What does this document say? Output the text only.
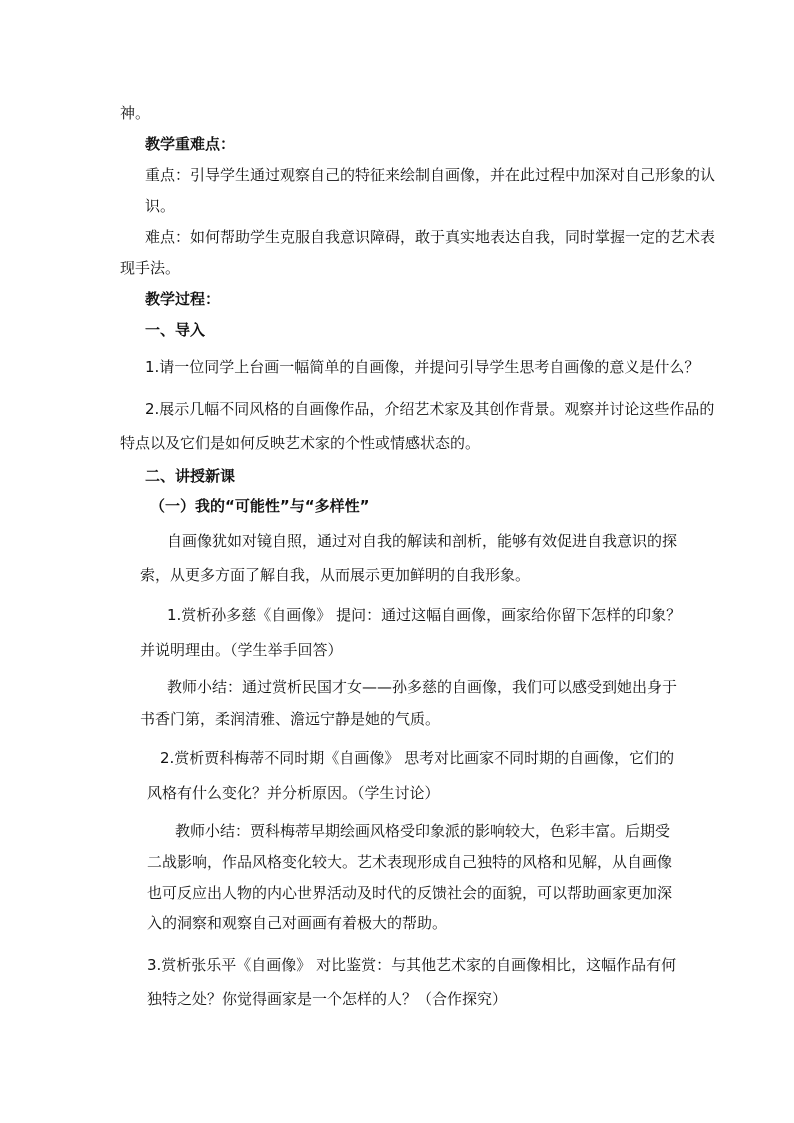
神。
教学重难点：
重点：引导学生通过观察自己的特征来绘制自画像，并在此过程中加深对自己形象的认
识。
难点：如何帮助学生克服自我意识障碍，敢于真实地表达自我，同时掌握一定的艺术表
现手法。
教学过程：
一、导入
1.请一位同学上台画一幅简单的自画像，并提问引导学生思考自画像的意义是什么？
2.展示几幅不同风格的自画像作品，介绍艺术家及其创作背景。观察并讨论这些作品的
特点以及它们是如何反映艺术家的个性或情感状态的。
二、讲授新课
（一）我的“可能性”与“多样性”
自画像犹如对镜自照，通过对自我的解读和剖析，能够有效促进自我意识的探
索，从更多方面了解自我，从而展示更加鲜明的自我形象。
1.赏析孙多慈《自画像》 提问：通过这幅自画像，画家给你留下怎样的印象？
并说明理由。（学生举手回答）
教师小结：通过赏析民国才女——孙多慈的自画像，我们可以感受到她出身于
书香门第，柔润清雅、澹远宁静是她的气质。
2.赏析贾科梅蒂不同时期《自画像》 思考对比画家不同时期的自画像，它们的
风格有什么变化？并分析原因。（学生讨论）
教师小结：贾科梅蒂早期绘画风格受印象派的影响较大，色彩丰富。后期受
二战影响，作品风格变化较大。艺术表现形成自己独特的风格和见解，从自画像
也可反应出人物的内心世界活动及时代的反馈社会的面貌，可以帮助画家更加深
入的洞察和观察自己对画画有着极大的帮助。
3.赏析张乐平《自画像》 对比鉴赏：与其他艺术家的自画像相比，这幅作品有何
独特之处？你觉得画家是一个怎样的人？（合作探究）
